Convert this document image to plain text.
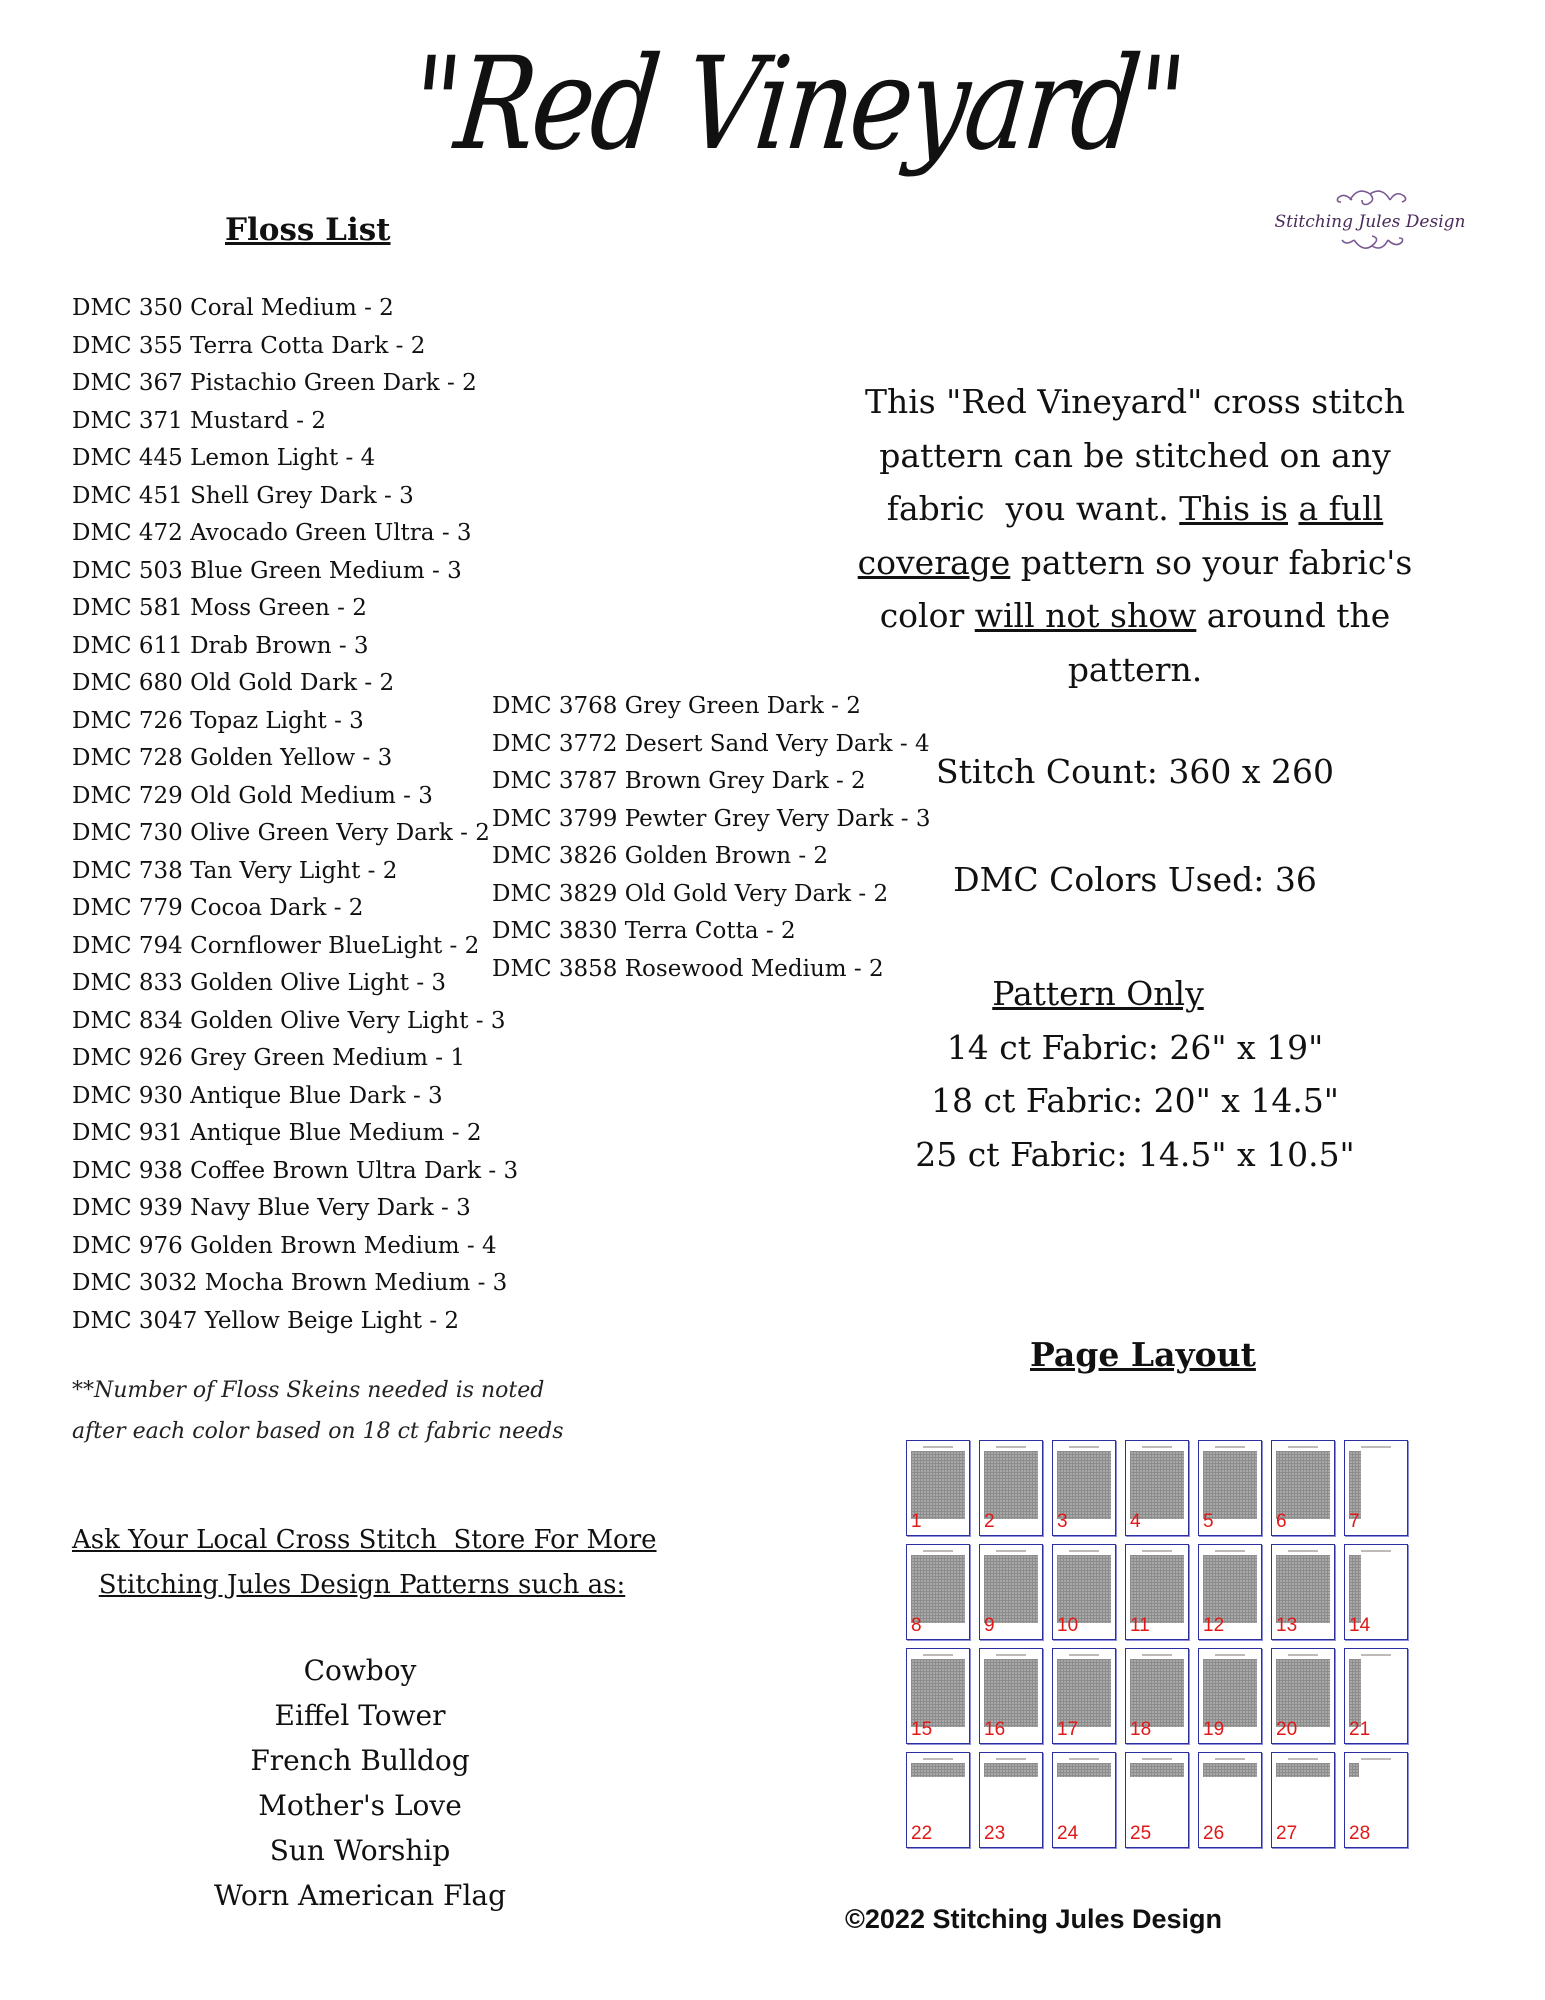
"Red Vineyard"
Stitching Jules Design
Floss List
DMC 350 Coral Medium - 2
DMC 355 Terra Cotta Dark - 2
DMC 367 Pistachio Green Dark - 2
DMC 371 Mustard - 2
DMC 445 Lemon Light - 4
DMC 451 Shell Grey Dark - 3
DMC 472 Avocado Green Ultra - 3
DMC 503 Blue Green Medium - 3
DMC 581 Moss Green - 2
DMC 611 Drab Brown - 3
DMC 680 Old Gold Dark - 2
DMC 726 Topaz Light - 3
DMC 728 Golden Yellow - 3
DMC 729 Old Gold Medium - 3
DMC 730 Olive Green Very Dark - 2
DMC 738 Tan Very Light - 2
DMC 779 Cocoa Dark - 2
DMC 794 Cornflower BlueLight - 2
DMC 833 Golden Olive Light - 3
DMC 834 Golden Olive Very Light - 3
DMC 926 Grey Green Medium - 1
DMC 930 Antique Blue Dark - 3
DMC 931 Antique Blue Medium - 2
DMC 938 Coffee Brown Ultra Dark - 3
DMC 939 Navy Blue Very Dark - 3
DMC 976 Golden Brown Medium - 4
DMC 3032 Mocha Brown Medium - 3
DMC 3047 Yellow Beige Light - 2
DMC 3768 Grey Green Dark - 2
DMC 3772 Desert Sand Very Dark - 4
DMC 3787 Brown Grey Dark - 2
DMC 3799 Pewter Grey Very Dark - 3
DMC 3826 Golden Brown - 2
DMC 3829 Old Gold Very Dark - 2
DMC 3830 Terra Cotta - 2
DMC 3858 Rosewood Medium - 2
**Number of Floss Skeins needed is noted
after each color based on 18 ct fabric needs
Ask Your Local Cross Stitch  Store For More
Stitching Jules Design Patterns such as:
Cowboy
Eiffel Tower
French Bulldog
Mother's Love
Sun Worship
Worn American Flag
This "Red Vineyard" cross stitch
pattern can be stitched on any
fabric  you want. This is a full
coverage pattern so your fabric's
color will not show around the
pattern.
Stitch Count: 360 x 260
DMC Colors Used: 36
Pattern Only
14 ct Fabric: 26" x 19"
18 ct Fabric: 20" x 14.5"
25 ct Fabric: 14.5" x 10.5"
Page Layout
1	2	3	4	5	6	7
8	9	10	11	12	13	14
15	16	17	18	19	20	21
22	23	24	25	26	27	28
©2022 Stitching Jules Design
